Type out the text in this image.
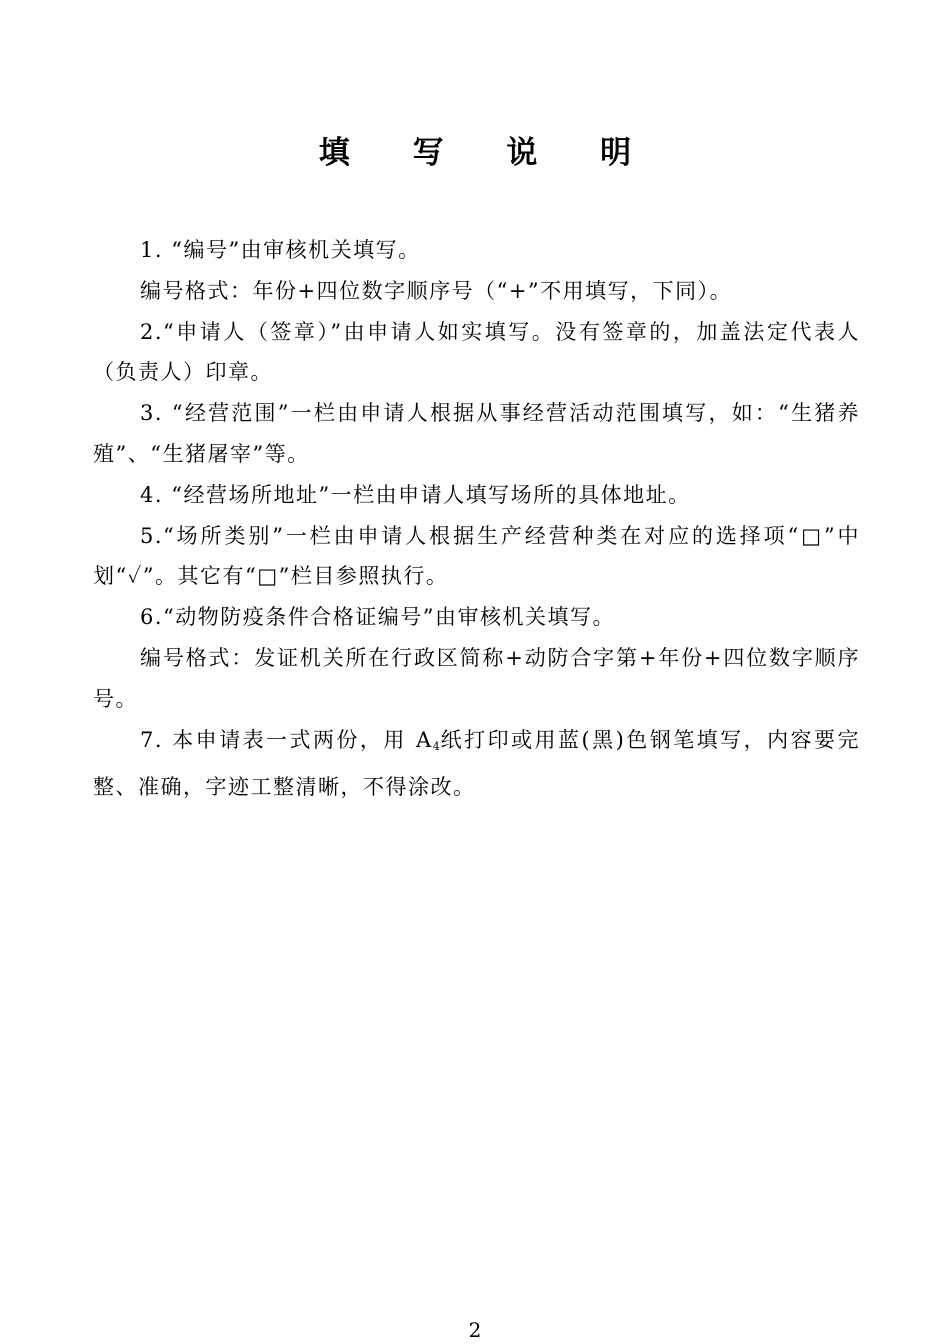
填 写 说 明

1. “编号”由审核机关填写。

编号格式：年份+四位数字顺序号（“+”不用填写，下同）。

2.“申请人（签章）”由申请人如实填写。没有签章的，加盖法定代表人（负责人）印章。

3. “经营范围”一栏由申请人根据从事经营活动范围填写，如：“生猪养殖”、“生猪屠宰”等。

4. “经营场所地址”一栏由申请人填写场所的具体地址。

5.“场所类别”一栏由申请人根据生产经营种类在对应的选择项“□”中划“✓”。其它有“□”栏目参照执行。

6.“动物防疫条件合格证编号”由审核机关填写。

编号格式：发证机关所在行政区简称+动防合字第+年份+四位数字顺序号。

7. 本申请表一式两份，用 $A_4$纸打印或用蓝(黑)色钢笔填写，内容要完整、准确，字迹工整清晰，不得涂改。

2
